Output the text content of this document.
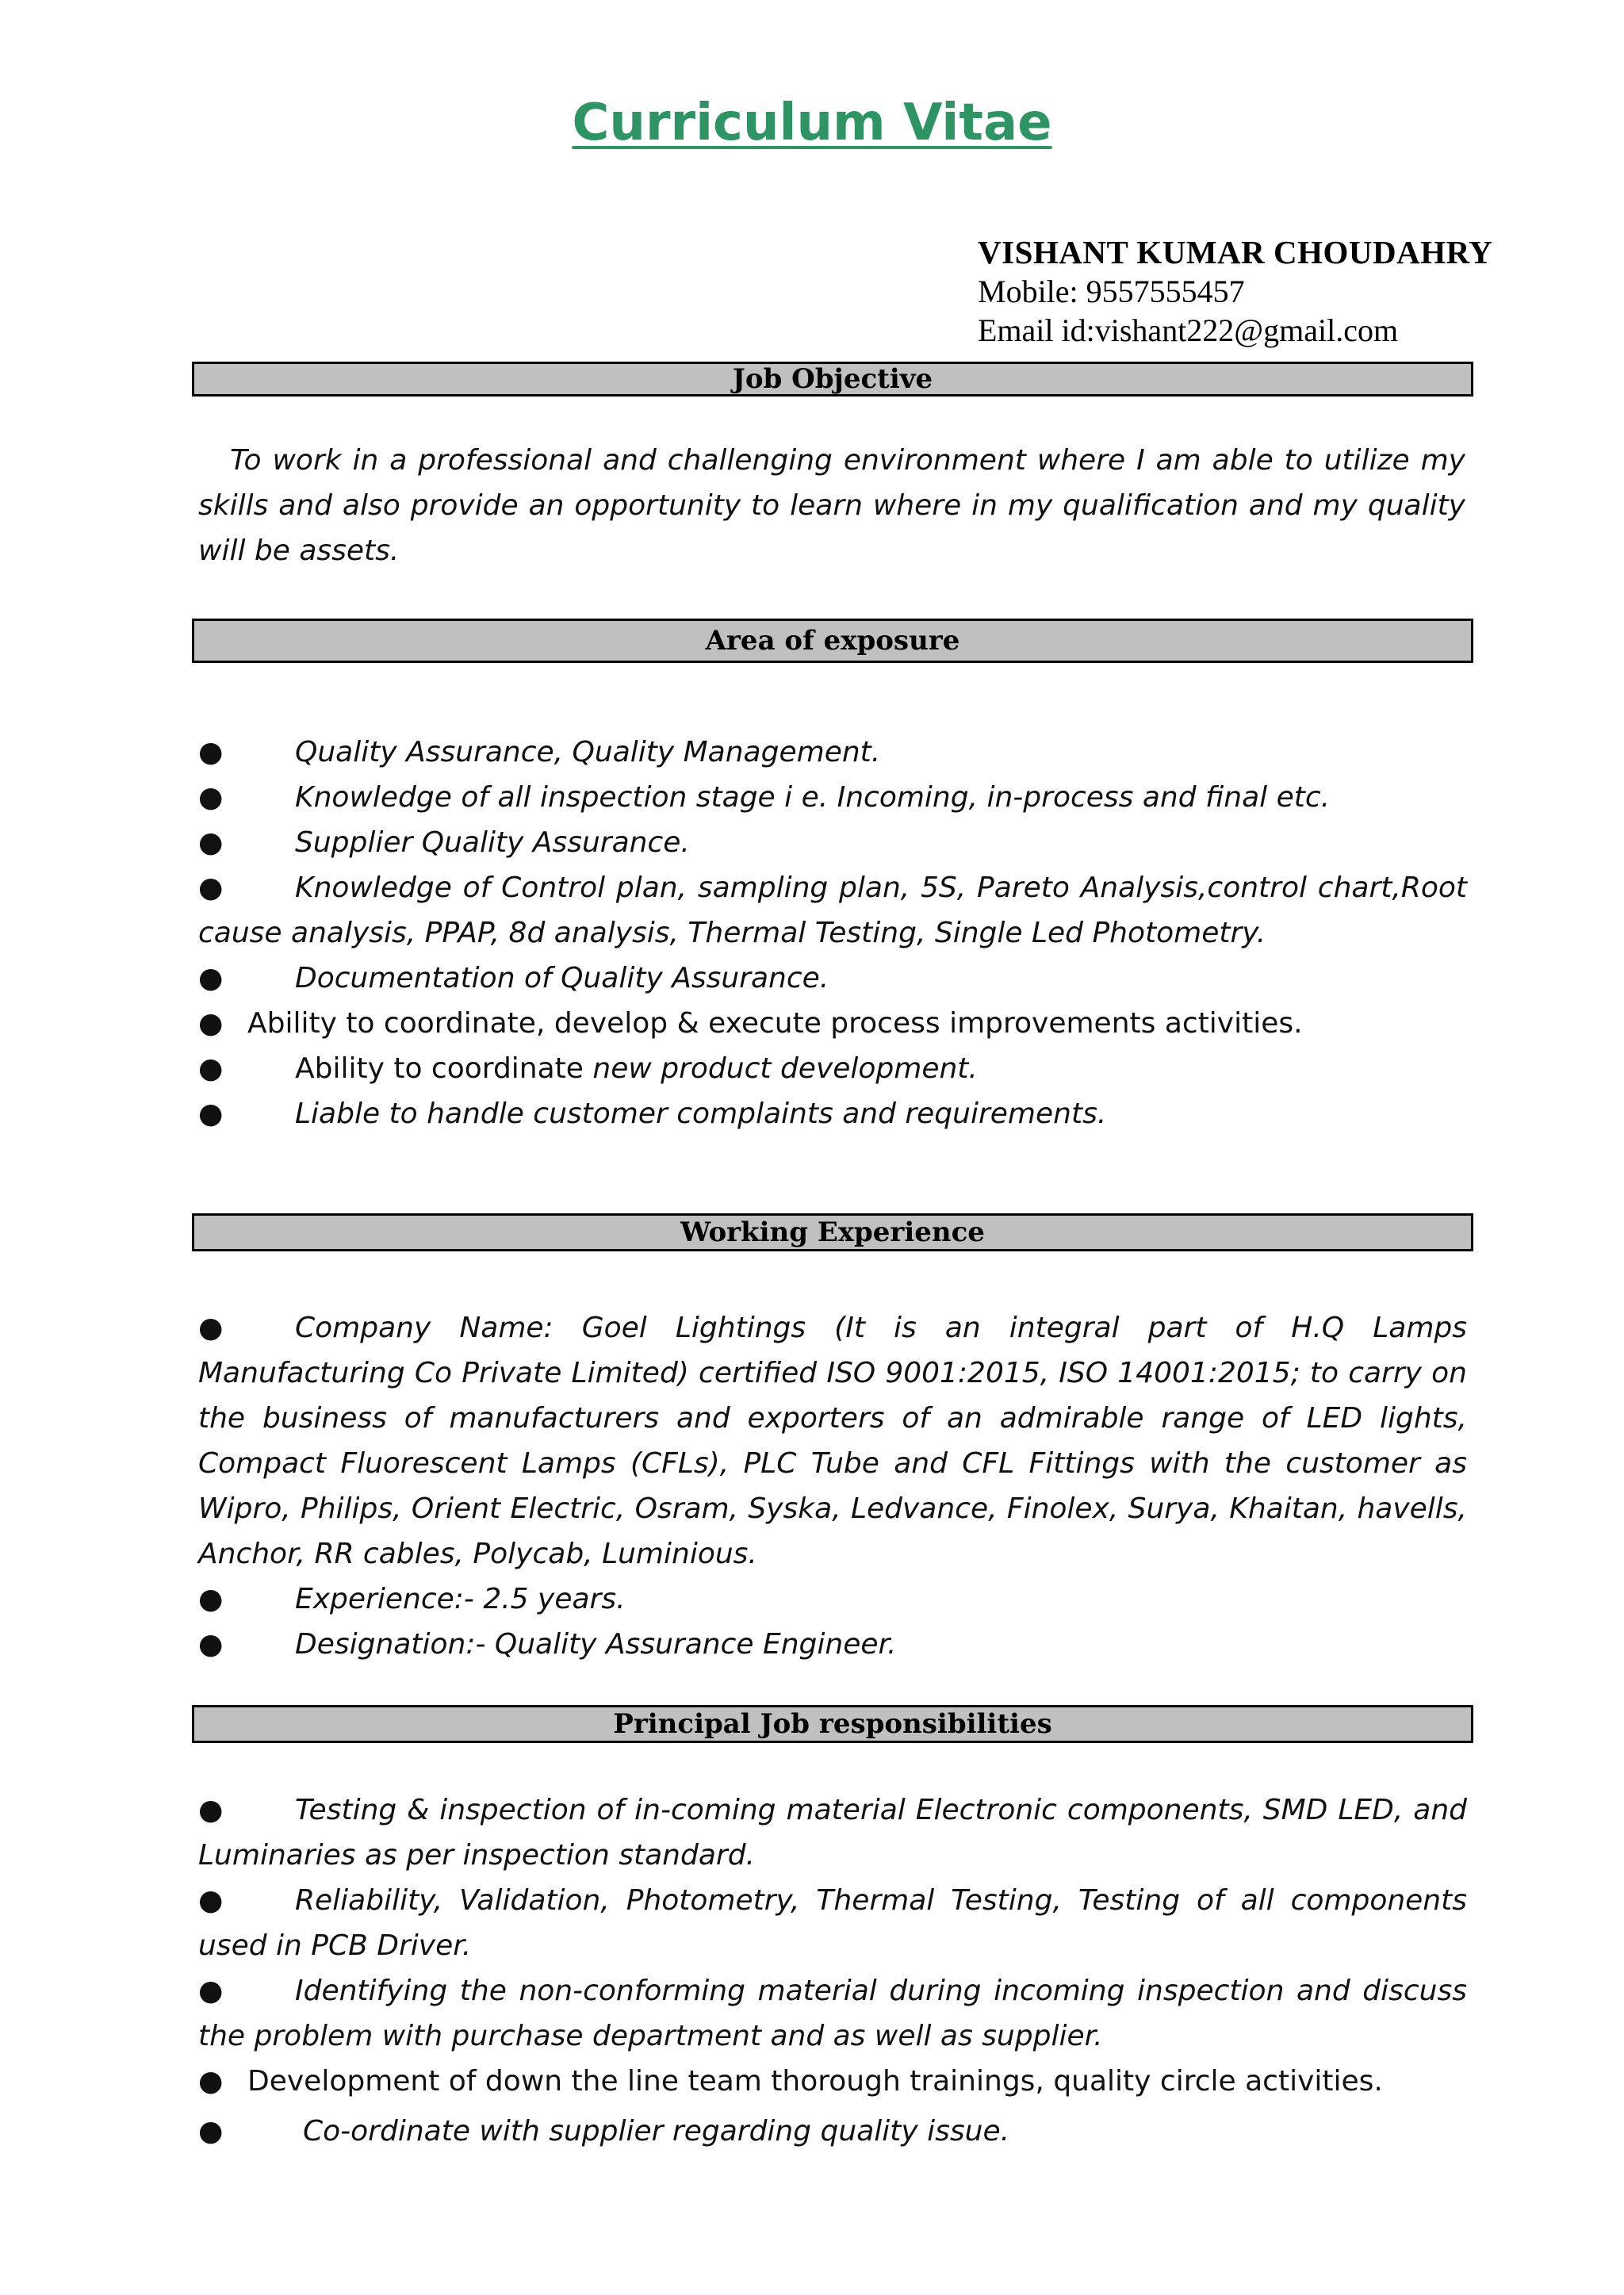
Curriculum Vitae
VISHANT KUMAR CHOUDAHRY
Mobile: 9557555457
Email id:vishant222@gmail.com
Job Objective
To work in a professional and challenging environment where I am able to utilize my skills and also provide an opportunity to learn where in my qualification and my quality will be assets.
Area of exposure
●	Quality Assurance, Quality Management.
●	Knowledge of all inspection stage i e. Incoming, in-process and final etc.
●	Supplier Quality Assurance.
●	Knowledge of Control plan, sampling plan, 5S, Pareto Analysis,control chart,Root cause analysis, PPAP, 8d analysis, Thermal Testing, Single Led Photometry.
●	Documentation of Quality Assurance.
● Ability to coordinate, develop & execute process improvements activities.
●	Ability to coordinate new product development.
●	Liable to handle customer complaints and requirements.
Working Experience
●	Company Name: Goel Lightings (It is an integral part of H.Q Lamps Manufacturing Co Private Limited) certified ISO 9001:2015, ISO 14001:2015; to carry on the business of manufacturers and exporters of an admirable range of LED lights, Compact Fluorescent Lamps (CFLs), PLC Tube and CFL Fittings with the customer as Wipro, Philips, Orient Electric, Osram, Syska, Ledvance, Finolex, Surya, Khaitan, havells, Anchor, RR cables, Polycab, Luminious.
●	Experience:- 2.5 years.
●	Designation:- Quality Assurance Engineer.
Principal Job responsibilities
●	Testing & inspection of in-coming material Electronic components, SMD LED, and Luminaries as per inspection standard.
●	Reliability, Validation, Photometry, Thermal Testing, Testing of all components used in PCB Driver.
●	Identifying the non-conforming material during incoming inspection and discuss the problem with purchase department and as well as supplier.
● Development of down the line team thorough trainings, quality circle activities.
●	Co-ordinate with supplier regarding quality issue.
